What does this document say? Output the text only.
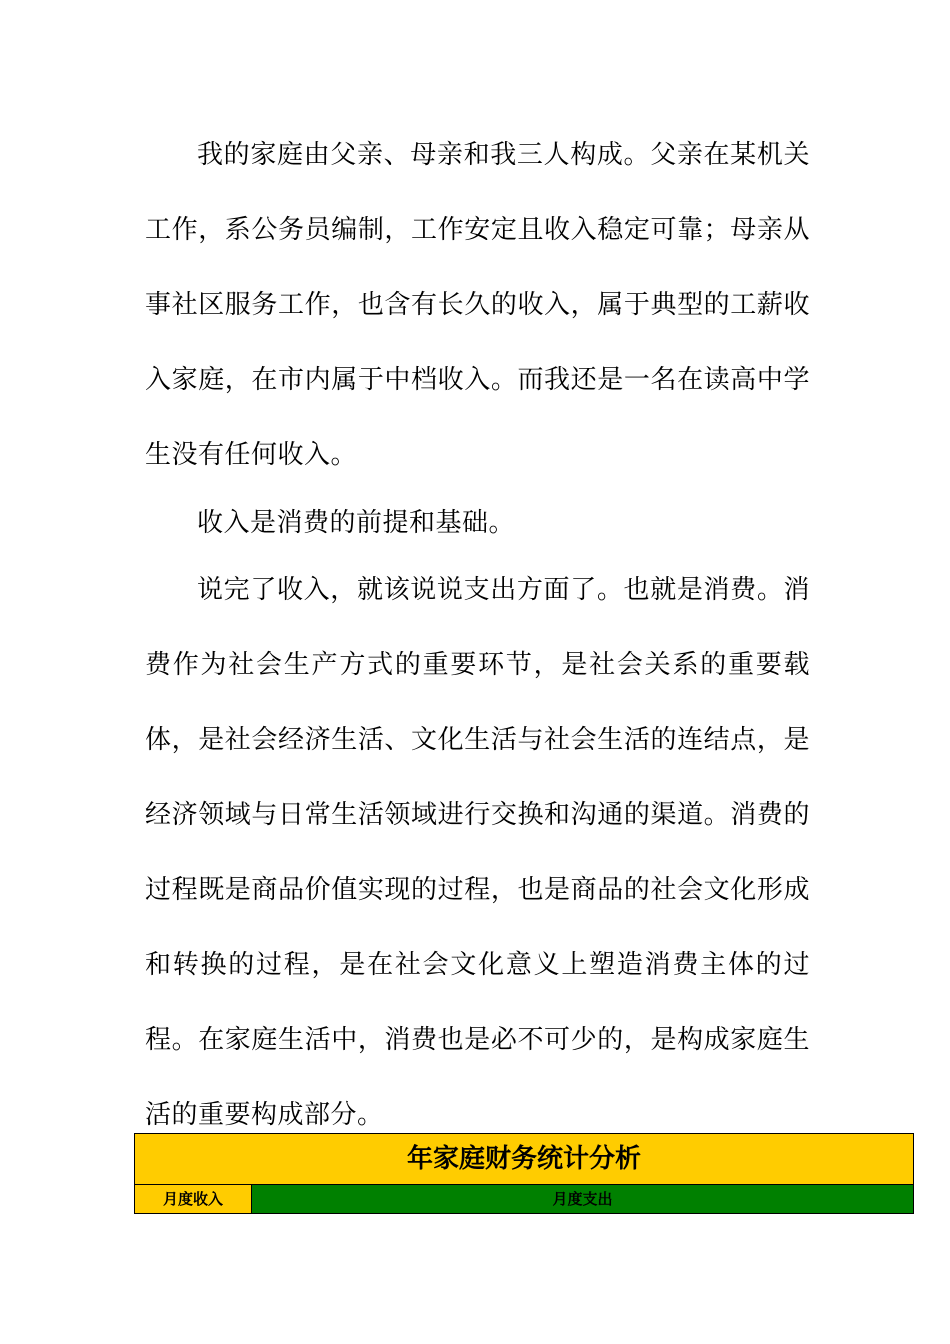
我的家庭由父亲、母亲和我三人构成。父亲在某机关工作，系公务员编制，工作安定且收入稳定可靠；母亲从事社区服务工作，也含有长久的收入，属于典型的工薪收入家庭，在市内属于中档收入。而我还是一名在读高中学生没有任何收入。

收入是消费的前提和基础。

说完了收入，就该说说支出方面了。也就是消费。消费作为社会生产方式的重要环节，是社会关系的重要载体，是社会经济生活、文化生活与社会生活的连结点，是经济领域与日常生活领域进行交换和沟通的渠道。消费的过程既是商品价值实现的过程，也是商品的社会文化形成和转换的过程，是在社会文化意义上塑造消费主体的过程。在家庭生活中，消费也是必不可少的，是构成家庭生活的重要构成部分。

年家庭财务统计分析
月度收入	月度支出
